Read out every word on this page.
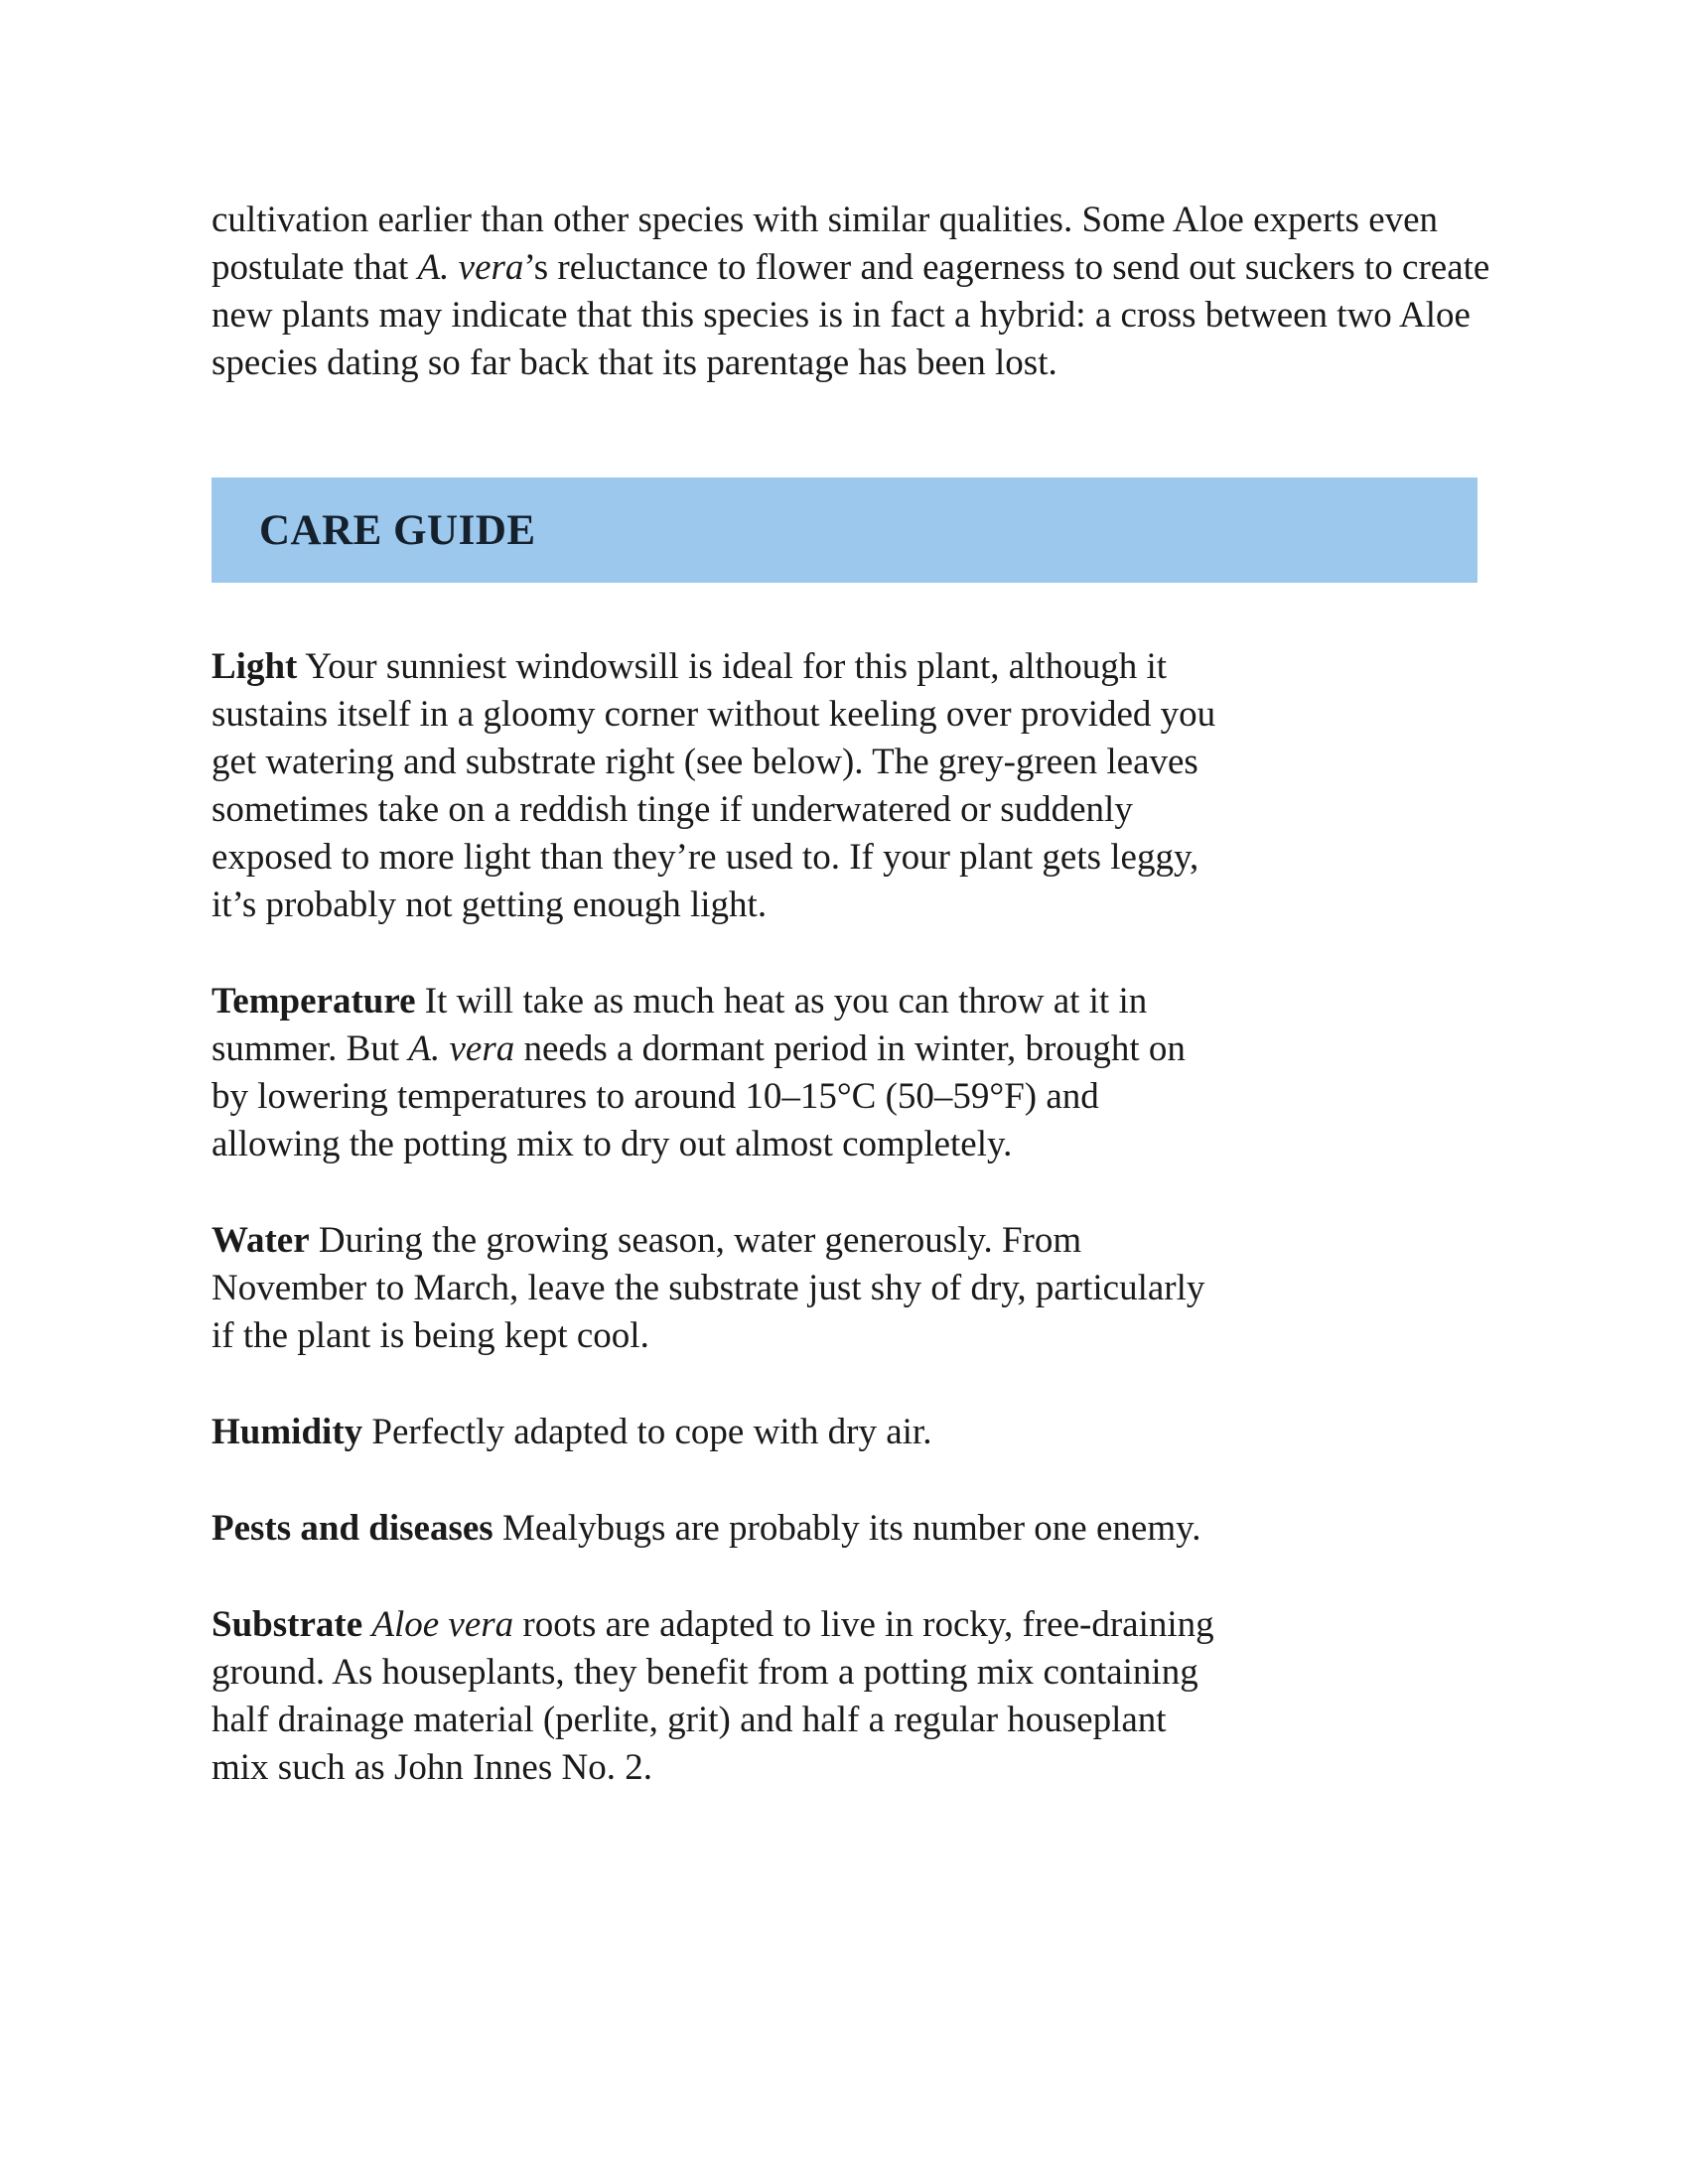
cultivation earlier than other species with similar qualities. Some Aloe experts even postulate that A. vera’s reluctance to flower and eagerness to send out suckers to create new plants may indicate that this species is in fact a hybrid: a cross between two Aloe species dating so far back that its parentage has been lost.

CARE GUIDE

Light Your sunniest windowsill is ideal for this plant, although it sustains itself in a gloomy corner without keeling over provided you get watering and substrate right (see below). The grey-green leaves sometimes take on a reddish tinge if underwatered or suddenly exposed to more light than they’re used to. If your plant gets leggy, it’s probably not getting enough light.

Temperature It will take as much heat as you can throw at it in summer. But A. vera needs a dormant period in winter, brought on by lowering temperatures to around 10–15°C (50–59°F) and allowing the potting mix to dry out almost completely.

Water During the growing season, water generously. From November to March, leave the substrate just shy of dry, particularly if the plant is being kept cool.

Humidity Perfectly adapted to cope with dry air.

Pests and diseases Mealybugs are probably its number one enemy.

Substrate Aloe vera roots are adapted to live in rocky, free-draining ground. As houseplants, they benefit from a potting mix containing half drainage material (perlite, grit) and half a regular houseplant mix such as John Innes No. 2.
